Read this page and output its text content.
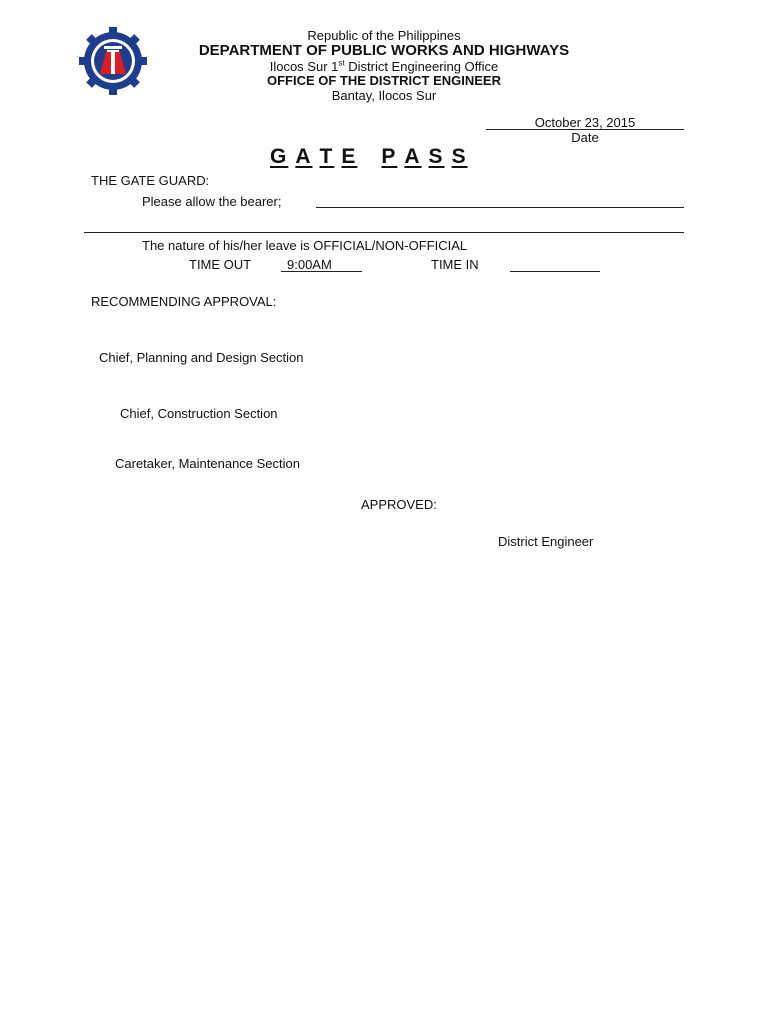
Republic of the Philippines
DEPARTMENT OF PUBLIC WORKS AND HIGHWAYS
Ilocos Sur 1st District Engineering Office
OFFICE OF THE DISTRICT ENGINEER
Bantay, Ilocos Sur
October 23, 2015
Date
G A T E P A S S
THE GATE GUARD:
Please allow the bearer;
The nature of his/her leave is OFFICIAL/NON-OFFICIAL
TIME OUT	9:00AM	TIME IN
RECOMMENDING APPROVAL:
Chief, Planning and Design Section
Chief, Construction Section
Caretaker, Maintenance Section
APPROVED:
District Engineer
